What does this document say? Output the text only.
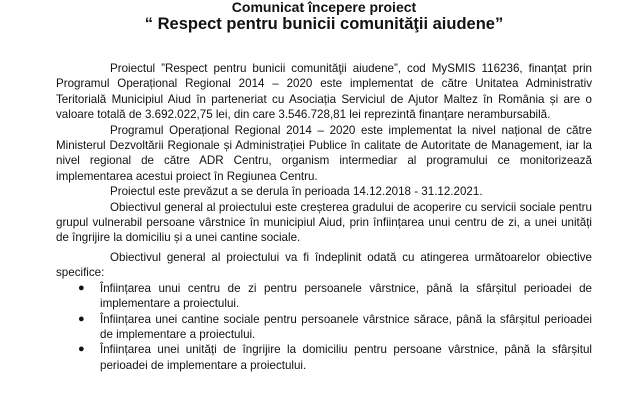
Comunicat începere proiect
“ Respect pentru bunicii comunităţii aiudene”

Proiectul ”Respect pentru bunicii comunităţii aiudene”, cod MySMIS 116236, finanțat prin Programul Operațional Regional 2014 – 2020 este implementat de către Unitatea Administrativ Teritorială Municipiul Aiud în parteneriat cu Asociația Serviciul de Ajutor Maltez în România și are o valoare totală de 3.692.022,75 lei, din care 3.546.728,81 lei reprezintă finanțare nerambursabilă.

Programul Operațional Regional 2014 – 2020 este implementat la nivel național de către Ministerul Dezvoltării Regionale și Administrației Publice în calitate de Autoritate de Management, iar la nivel regional de către ADR Centru, organism intermediar al programului ce monitorizează implementarea acestui proiect în Regiunea Centru.

Proiectul este prevăzut a se derula în perioada 14.12.2018 - 31.12.2021.

Obiectivul general al proiectului este creșterea gradului de acoperire cu servicii sociale pentru grupul vulnerabil persoane vârstnice în municipiul Aiud, prin înființarea unui centru de zi, a unei unități de îngrijire la domiciliu și a unei cantine sociale.

Obiectivul general al proiectului va fi îndeplinit odată cu atingerea următoarelor obiective specifice:

● Înființarea unui centru de zi pentru persoanele vârstnice, până la sfârșitul perioadei de implementare a proiectului.
● Înființarea unei cantine sociale pentru persoanele vârstnice sărace, până la sfârșitul perioadei de implementare a proiectului.
● Înființarea unei unități de îngrijire la domiciliu pentru persoane vârstnice, până la sfârșitul perioadei de implementare a proiectului.
